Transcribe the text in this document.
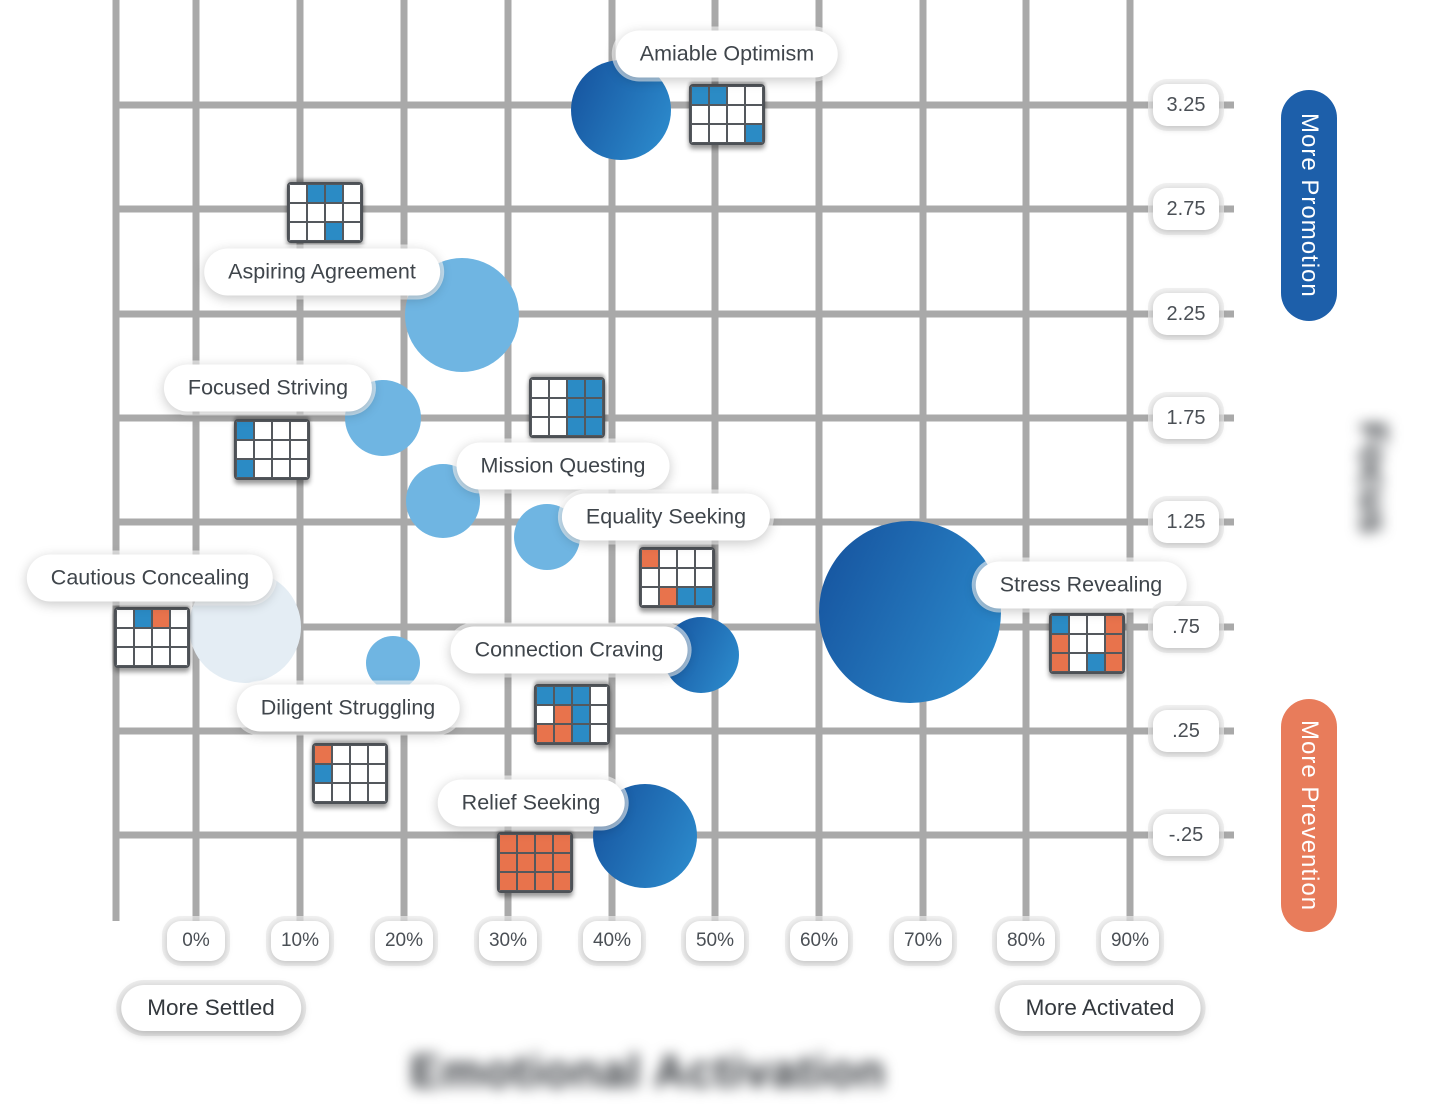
Amiable Optimism
Aspiring Agreement
Focused Striving
Mission Questing
Equality Seeking
Cautious Concealing
Connection Craving
Diligent Struggling
Relief Seeking
Stress Revealing
0%	10%	20%	30%	40%	50%	60%	70%	80%	90%
3.25
2.75
2.25
1.75
1.25
.75
.25
-.25
More Settled	More Activated
More Promotion
More Prevention
Emotional Activation
Focus
